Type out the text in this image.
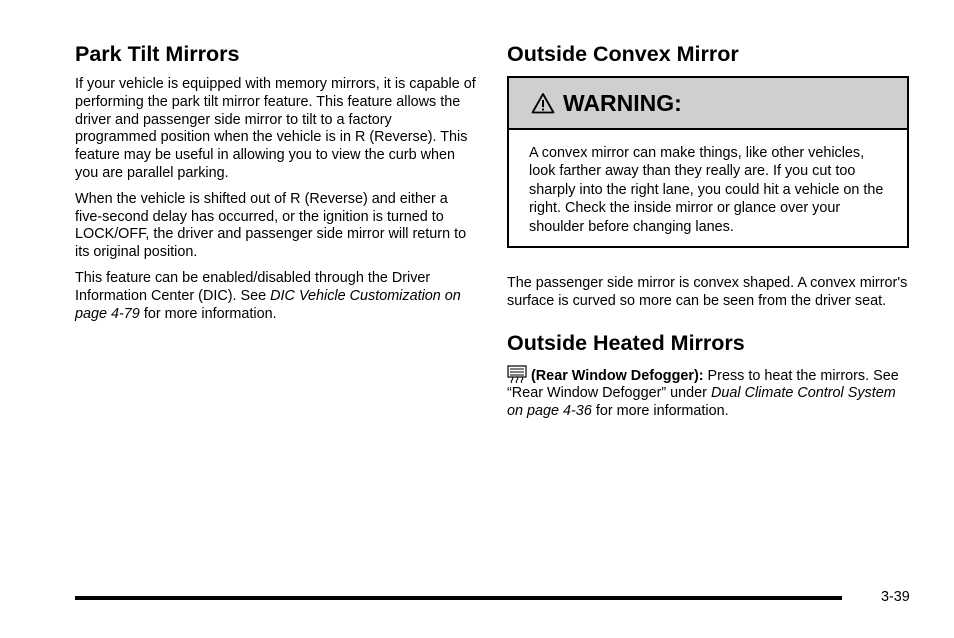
Park Tilt Mirrors

If your vehicle is equipped with memory mirrors, it is capable of performing the park tilt mirror feature. This feature allows the driver and passenger side mirror to tilt to a factory programmed position when the vehicle is in R (Reverse). This feature may be useful in allowing you to view the curb when you are parallel parking.

When the vehicle is shifted out of R (Reverse) and either a five-second delay has occurred, or the ignition is turned to LOCK/OFF, the driver and passenger side mirror will return to its original position.

This feature can be enabled/disabled through the Driver Information Center (DIC). See DIC Vehicle Customization on page 4-79 for more information.

Outside Convex Mirror
WARNING:

A convex mirror can make things, like other vehicles, look farther away than they really are. If you cut too sharply into the right lane, you could hit a vehicle on the right. Check the inside mirror or glance over your shoulder before changing lanes.

The passenger side mirror is convex shaped. A convex mirror's surface is curved so more can be seen from the driver seat.

Outside Heated Mirrors

(Rear Window Defogger): Press to heat the mirrors. See “Rear Window Defogger” under Dual Climate Control System on page 4-36 for more information.

3-39
